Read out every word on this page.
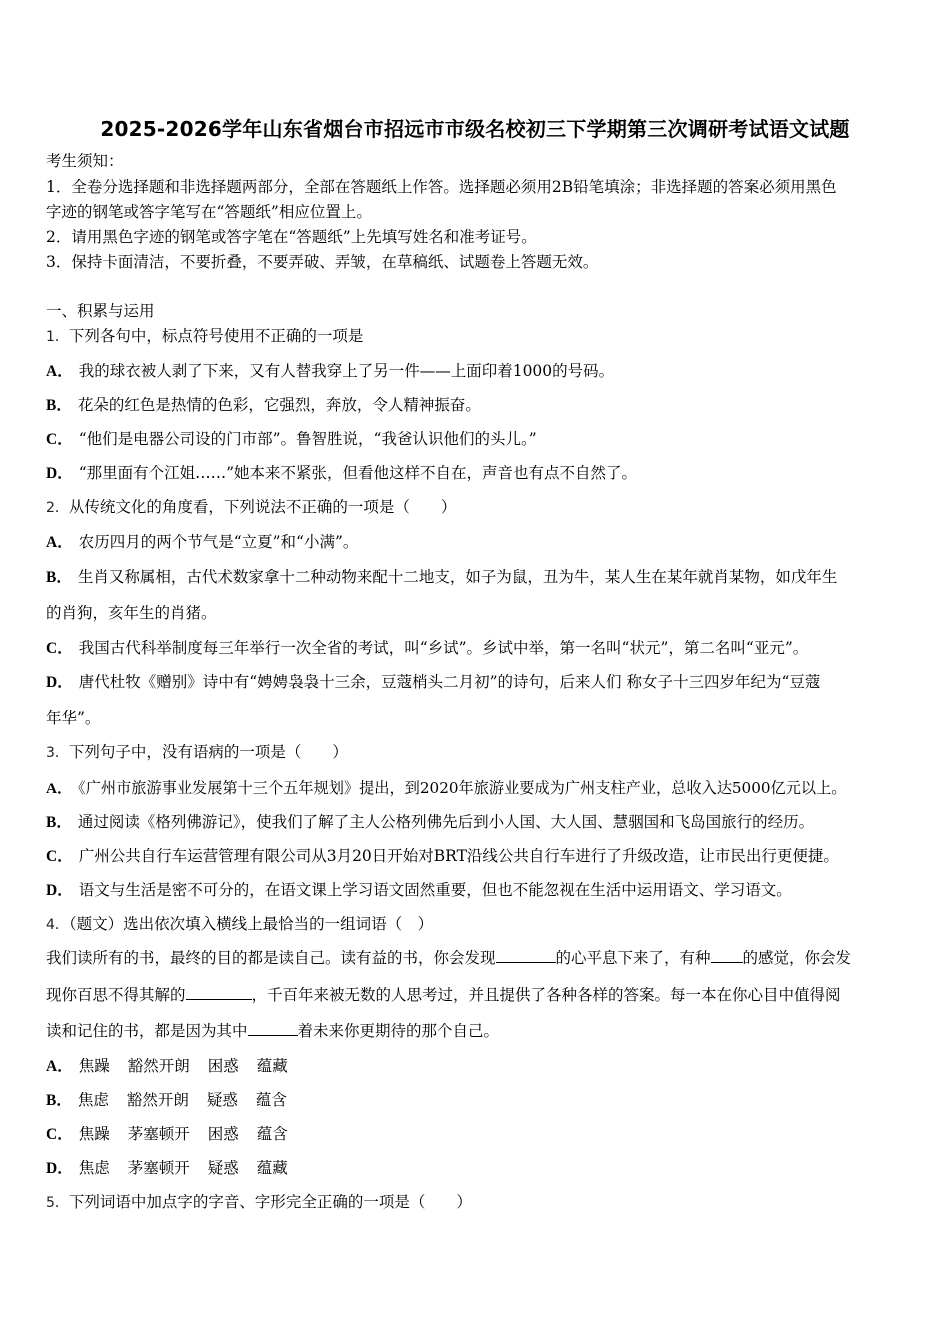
2025-2026学年山东省烟台市招远市市级名校初三下学期第三次调研考试语文试题
考生须知：
1．全卷分选择题和非选择题两部分，全部在答题纸上作答。选择题必须用2B铅笔填涂；非选择题的答案必须用黑色
字迹的钢笔或答字笔写在“答题纸”相应位置上。
2．请用黑色字迹的钢笔或答字笔在“答题纸”上先填写姓名和准考证号。
3．保持卡面清洁，不要折叠，不要弄破、弄皱，在草稿纸、试题卷上答题无效。
一、积累与运用
1．下列各句中，标点符号使用不正确的一项是
A． 我的球衣被人剥了下来，又有人替我穿上了另一件——上面印着1000的号码。
B． 花朵的红色是热情的色彩，它强烈，奔放，令人精神振奋。
C． “他们是电器公司设的门市部”。鲁智胜说，“我爸认识他们的头儿。”
D． “那里面有个江姐……”她本来不紧张，但看他这样不自在，声音也有点不自然了。
2．从传统文化的角度看，下列说法不正确的一项是（　　）
A． 农历四月的两个节气是“立夏”和“小满”。
B． 生肖又称属相，古代术数家拿十二种动物来配十二地支，如子为鼠，丑为牛，某人生在某年就肖某物，如戊年生
的肖狗，亥年生的肖猪。
C． 我国古代科举制度每三年举行一次全省的考试，叫“乡试”。乡试中举，第一名叫“状元”，第二名叫“亚元”。
D． 唐代杜牧《赠别》诗中有“娉娉袅袅十三余，豆蔻梢头二月初”的诗句，后来人们 称女子十三四岁年纪为“豆蔻
年华”。
3．下列句子中，没有语病的一项是（　　）
A． 《广州市旅游事业发展第十三个五年规划》提出，到2020年旅游业要成为广州支柱产业，总收入达5000亿元以上。
B． 通过阅读《格列佛游记》，使我们了解了主人公格列佛先后到小人国、大人国、慧骃国和飞岛国旅行的经历。
C． 广州公共自行车运营管理有限公司从3月20日开始对BRT沿线公共自行车进行了升级改造，让市民出行更便捷。
D． 语文与生活是密不可分的，在语文课上学习语文固然重要，但也不能忽视在生活中运用语文、学习语文。
4．（题文）选出依次填入横线上最恰当的一组词语（　）
我们读所有的书，最终的目的都是读自己。读有益的书，你会发现	的心平息下来了，有种 的感觉，你会发
现你百思不得其解的	，千百年来被无数的人思考过，并且提供了各种各样的答案。每一本在你心目中值得阅
读和记住的书，都是因为其中	着未来你更期待的那个自己。
A． 焦躁 豁然开朗 困惑 蕴藏
B． 焦虑 豁然开朗 疑惑 蕴含
C． 焦躁 茅塞顿开 困惑 蕴含
D． 焦虑 茅塞顿开 疑惑 蕴藏
5．下列词语中加点字的字音、字形完全正确的一项是（　　）
